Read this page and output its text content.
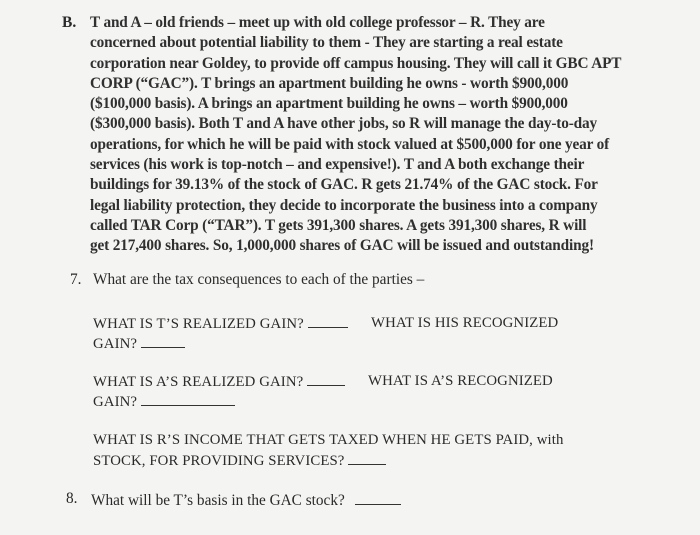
B. T and A – old friends – meet up with old college professor – R. They are
concerned about potential liability to them - They are starting a real estate
corporation near Goldey, to provide off campus housing. They will call it GBC APT
CORP (“GAC”). T brings an apartment building he owns - worth $900,000
($100,000 basis). A brings an apartment building he owns – worth $900,000
($300,000 basis). Both T and A have other jobs, so R will manage the day-to-day
operations, for which he will be paid with stock valued at $500,000 for one year of
services (his work is top-notch – and expensive!). T and A both exchange their
buildings for 39.13% of the stock of GAC. R gets 21.74% of the GAC stock. For
legal liability protection, they decide to incorporate the business into a company
called TAR Corp (“TAR”). T gets 391,300 shares. A gets 391,300 shares, R will
get 217,400 shares. So, 1,000,000 shares of GAC will be issued and outstanding!
7. What are the tax consequences to each of the parties –
WHAT IS T’S REALIZED GAIN?	WHAT IS HIS RECOGNIZED
GAIN?
WHAT IS A’S REALIZED GAIN?	WHAT IS A’S RECOGNIZED
GAIN?
WHAT IS R’S INCOME THAT GETS TAXED WHEN HE GETS PAID, with
STOCK, FOR PROVIDING SERVICES?
8. What will be T’s basis in the GAC stock?
